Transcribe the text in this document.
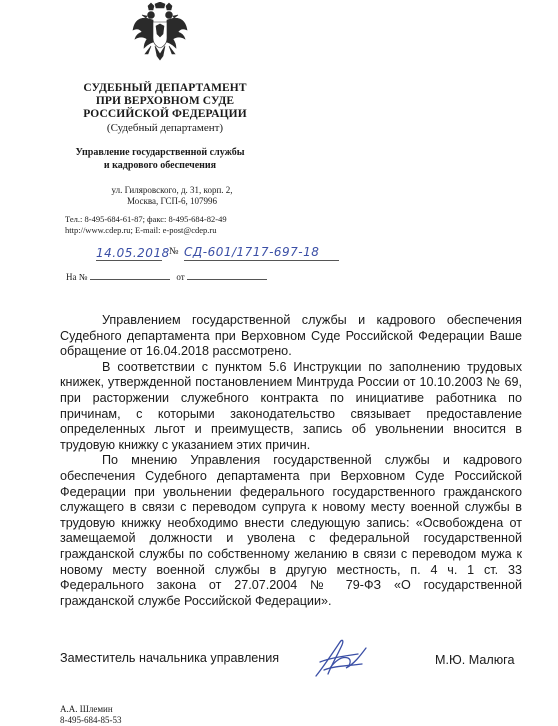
СУДЕБНЫЙ ДЕПАРТАМЕНТ
ПРИ ВЕРХОВНОМ СУДЕ
РОССИЙСКОЙ ФЕДЕРАЦИИ
(Судебный департамент)
Управление государственной службы
и кадрового обеспечения
ул. Гиляровского, д. 31, корп. 2,
Москва, ГСП-6, 107996
Тел.: 8-495-684-61-87; факс: 8-495-684-82-49
http://www.cdep.ru; E-mail: e-post@cdep.ru
14.05.2018 № СД-601/1717-697-18
На №	от

Управлением государственной службы и кадрового обеспечения Судебного департамента при Верховном Суде Российской Федерации Ваше обращение от 16.04.2018 рассмотрено.

В соответствии с пунктом 5.6 Инструкции по заполнению трудовых книжек, утвержденной постановлением Минтруда России от 10.10.2003 № 69, при расторжении служебного контракта по инициативе работника по причинам, с которыми законодательство связывает предоставление определенных льгот и преимуществ, запись об увольнении вносится в трудовую книжку с указанием этих причин.

По мнению Управления государственной службы и кадрового обеспечения Судебного департамента при Верховном Суде Российской Федерации при увольнении федерального государственного гражданского служащего в связи с переводом супруга к новому месту военной службы в трудовую книжку необходимо внести следующую запись: «Освобождена от замещаемой должности и уволена с федеральной государственной гражданской службы по собственному желанию в связи с переводом мужа к новому месту военной службы в другую местность, п. 4 ч. 1 ст. 33 Федерального закона от 27.07.2004 № 79-ФЗ «О государственной гражданской службе Российской Федерации».

Заместитель начальника управления	М.Ю. Малюга
А.А. Шлемин
8-495-684-85-53
